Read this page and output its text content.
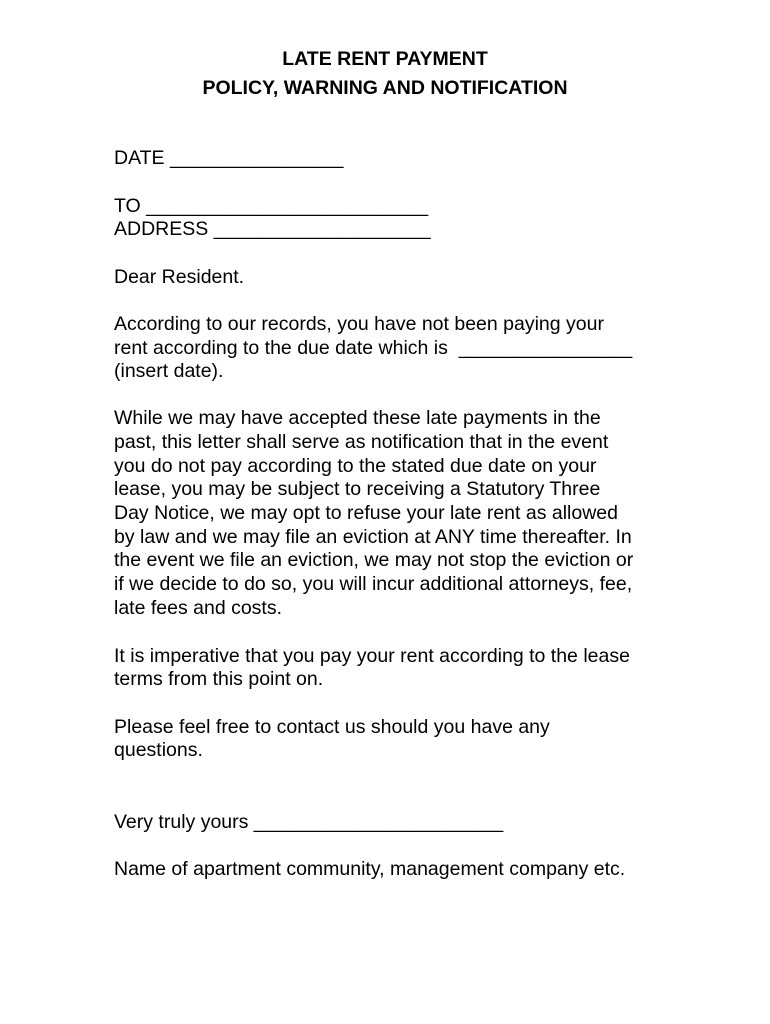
LATE RENT PAYMENT
POLICY, WARNING AND NOTIFICATION

DATE ________________

TO __________________________

ADDRESS ____________________

Dear Resident.

According to our records, you have not been paying your

rent according to the due date which is  ________________

(insert date).

While we may have accepted these late payments in the

past, this letter shall serve as notification that in the event

you do not pay according to the stated due date on your

lease, you may be subject to receiving a Statutory Three

Day Notice, we may opt to refuse your late rent as allowed

by law and we may file an eviction at ANY time thereafter. In

the event we file an eviction, we may not stop the eviction or

if we decide to do so, you will incur additional attorneys, fee,

late fees and costs.

It is imperative that you pay your rent according to the lease

terms from this point on.

Please feel free to contact us should you have any

questions.

Very truly yours _______________________

Name of apartment community, management company etc.
